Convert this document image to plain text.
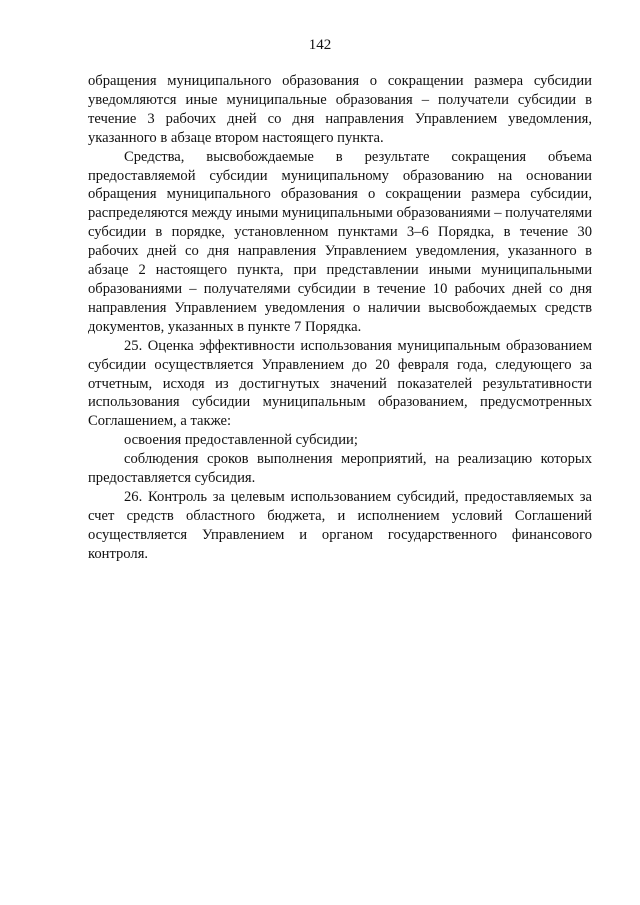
142

обращения муниципального образования о сокращении размера субсидии уведомляются иные муниципальные образования – получатели субсидии в течение 3 рабочих дней со дня направления Управлением уведомления, указанного в абзаце втором настоящего пункта.

Средства, высвобождаемые в результате сокращения объема предоставляемой субсидии муниципальному образованию на основании обращения муниципального образования о сокращении размера субсидии, распределяются между иными муниципальными образованиями – получателями субсидии в порядке, установленном пунктами 3–6 Порядка, в течение 30 рабочих дней со дня направления Управлением уведомления, указанного в абзаце 2 настоящего пункта, при представлении иными муниципальными образованиями – получателями субсидии в течение 10 рабочих дней со дня направления Управлением уведомления о наличии высвобождаемых средств документов, указанных в пункте 7 Порядка.

25. Оценка эффективности использования муниципальным образованием субсидии осуществляется Управлением до 20 февраля года, следующего за отчетным, исходя из достигнутых значений показателей результативности использования субсидии муниципальным образованием, предусмотренных Соглашением, а также:

освоения предоставленной субсидии;

соблюдения сроков выполнения мероприятий, на реализацию которых предоставляется субсидия.

26. Контроль за целевым использованием субсидий, предоставляемых за счет средств областного бюджета, и исполнением условий Соглашений осуществляется Управлением и органом государственного финансового контроля.
